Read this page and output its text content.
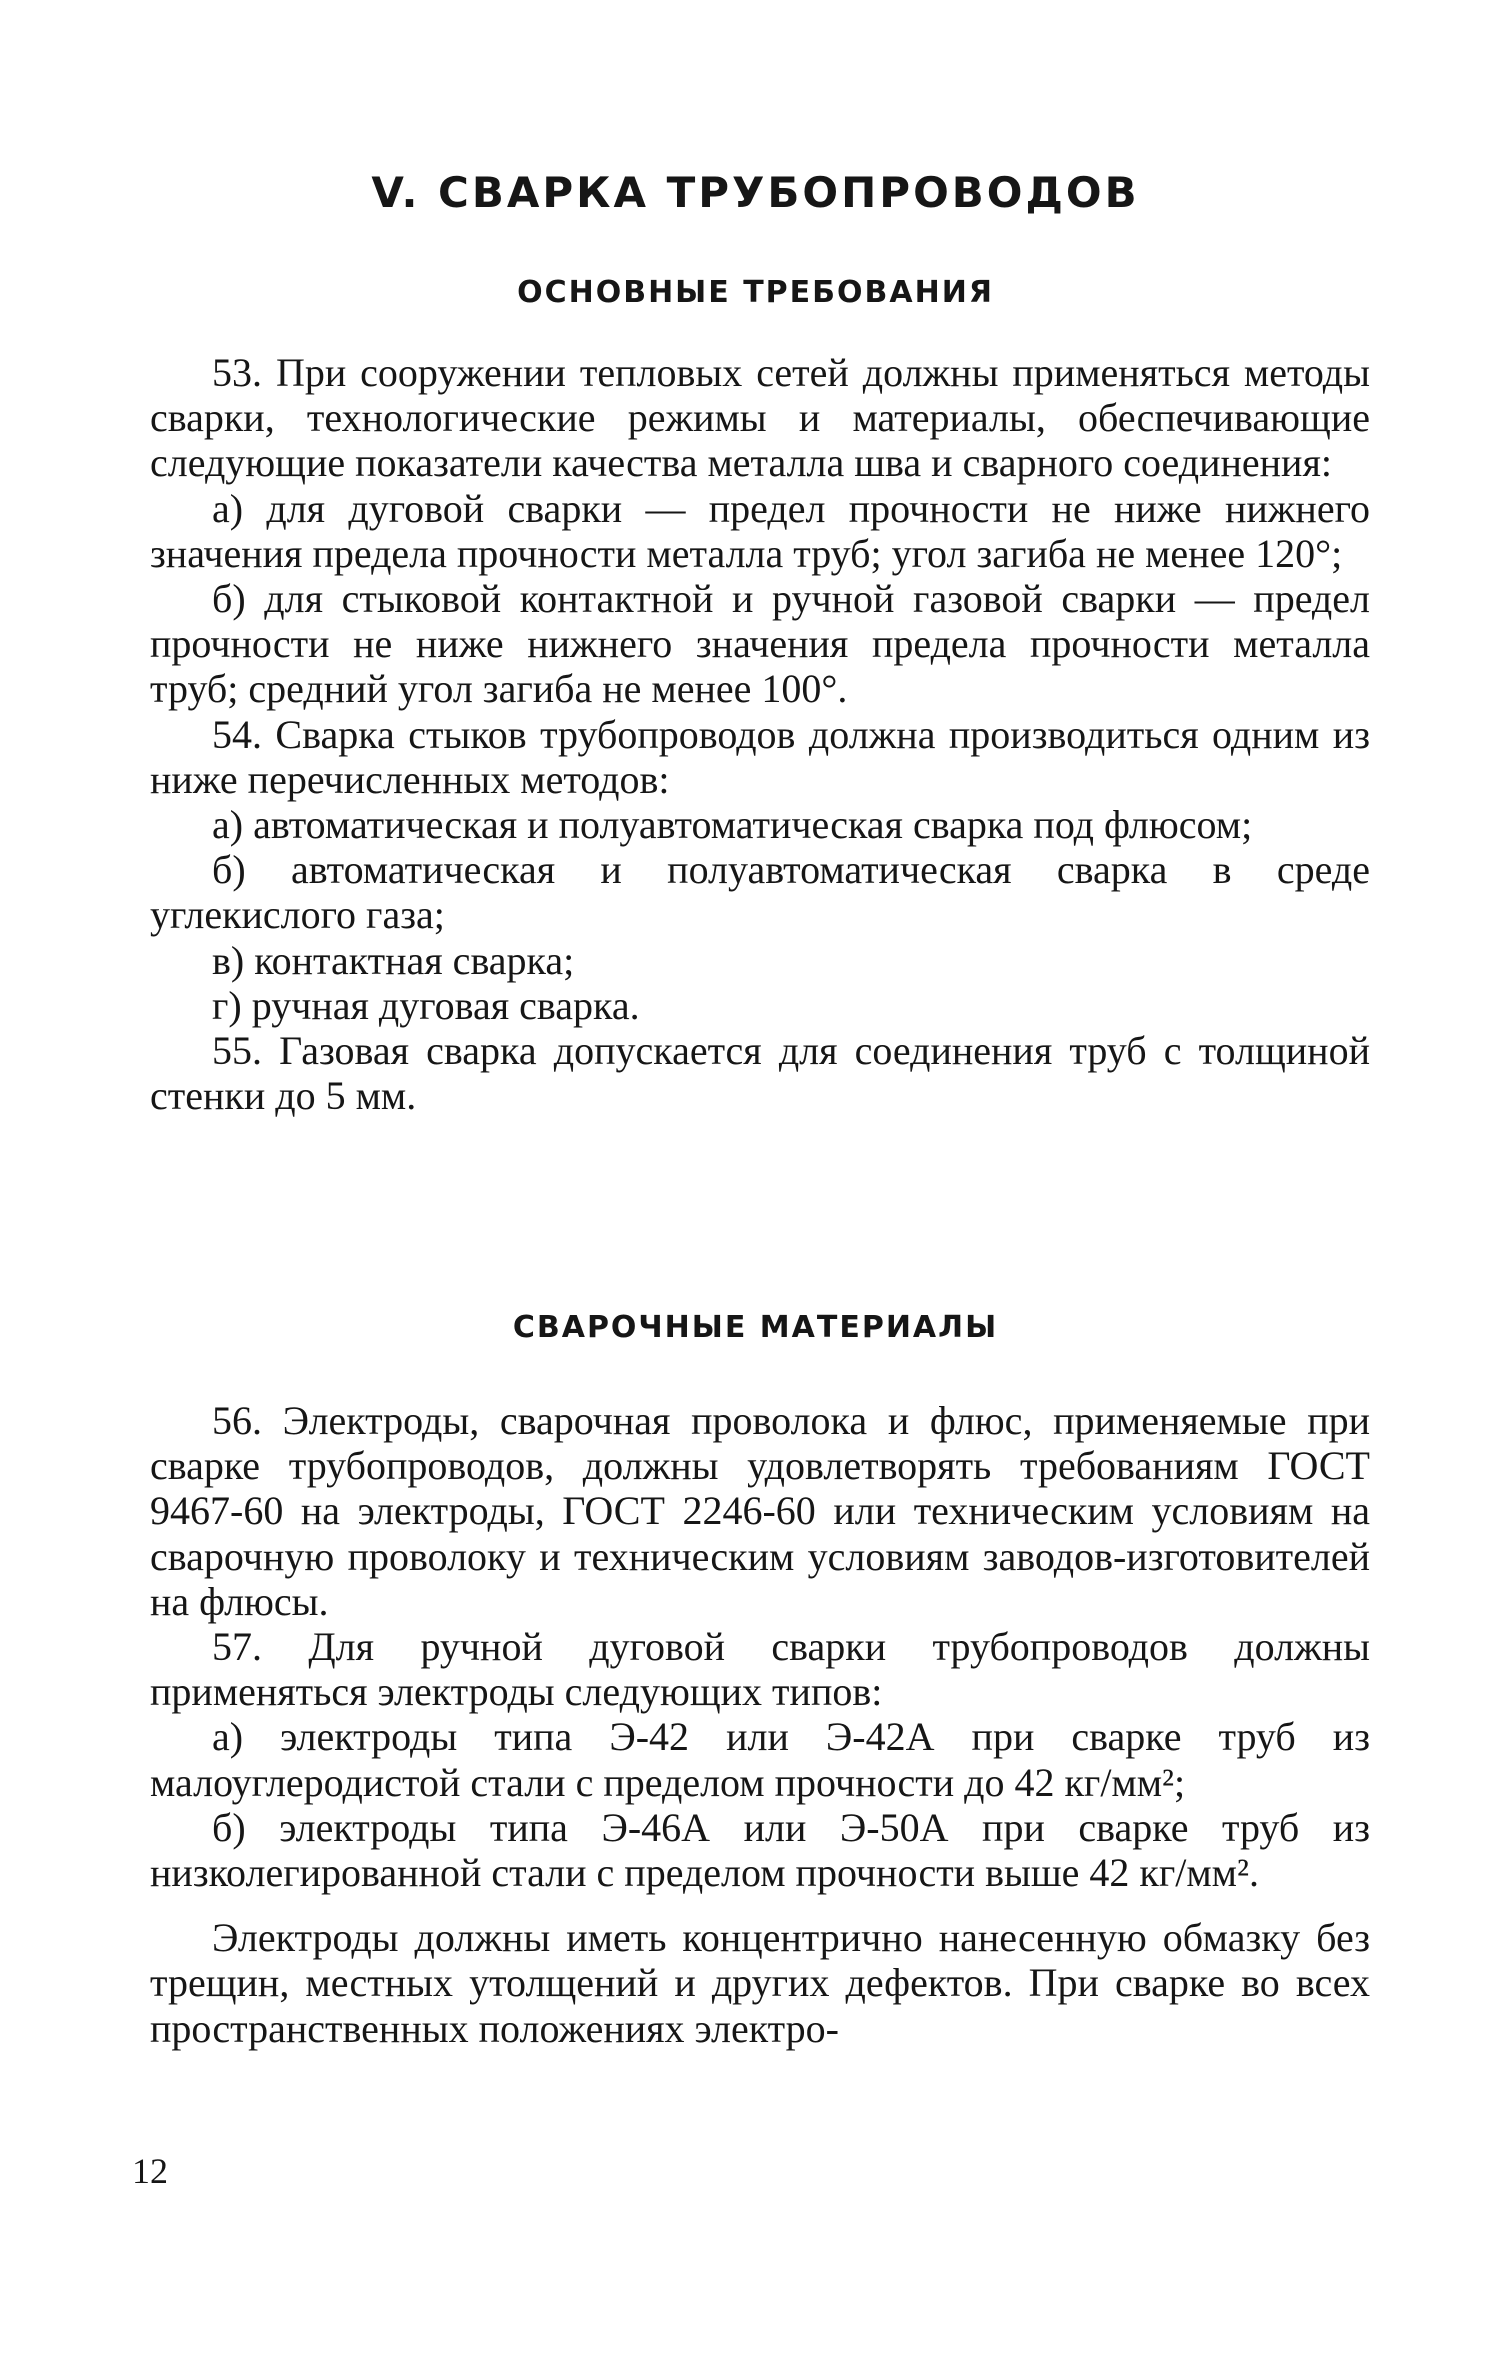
V. СВАРКА ТРУБОПРОВОДОВ
ОСНОВНЫЕ ТРЕБОВАНИЯ

53. При сооружении тепловых сетей должны применяться методы сварки, технологические режимы и материалы, обеспечивающие следующие показатели качества металла шва и сварного соединения:

а) для дуговой сварки — предел прочности не ниже нижнего значения предела прочности металла труб; угол загиба не менее 120°;

б) для стыковой контактной и ручной газовой сварки — предел прочности не ниже нижнего значения предела прочности металла труб; средний угол загиба не менее 100°.

54. Сварка стыков трубопроводов должна производиться одним из ниже перечисленных методов:

а) автоматическая и полуавтоматическая сварка под флюсом;

б) автоматическая и полуавтоматическая сварка в среде углекислого газа;

в) контактная сварка;

г) ручная дуговая сварка.

55. Газовая сварка допускается для соединения труб с толщиной стенки до 5 мм.

СВАРОЧНЫЕ МАТЕРИАЛЫ

56. Электроды, сварочная проволока и флюс, применяемые при сварке трубопроводов, должны удовлетворять требованиям ГОСТ 9467-60 на электроды, ГОСТ 2246-60 или техническим условиям на сварочную проволоку и техническим условиям заводов-изготовителей на флюсы.

57. Для ручной дуговой сварки трубопроводов должны применяться электроды следующих типов:

а) электроды типа Э-42 или Э-42А при сварке труб из малоуглеродистой стали с пределом прочности до 42 кг/мм²;

б) электроды типа Э-46А или Э-50А при сварке труб из низколегированной стали с пределом прочности выше 42 кг/мм².

Электроды должны иметь концентрично нанесенную обмазку без трещин, местных утолщений и других дефектов. При сварке во всех пространственных положениях электро-

12
